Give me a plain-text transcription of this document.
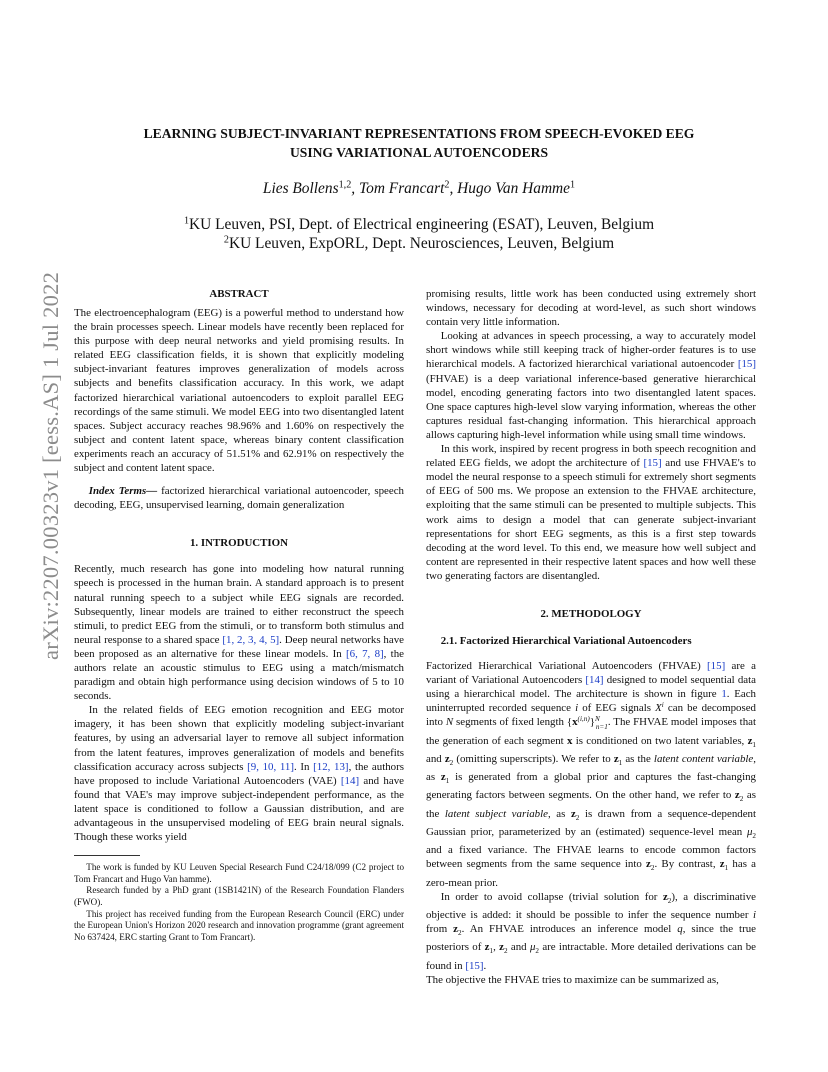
arXiv:2207.00323v1 [eess.AS] 1 Jul 2022
LEARNING SUBJECT-INVARIANT REPRESENTATIONS FROM SPEECH-EVOKED EEG
USING VARIATIONAL AUTOENCODERS
Lies Bollens$^{1,2}$, Tom Francart$^2$, Hugo Van Hamme$^1$
$^1$KU Leuven, PSI, Dept. of Electrical engineering (ESAT), Leuven, Belgium
$^2$KU Leuven, ExpORL, Dept. Neurosciences, Leuven, Belgium
ABSTRACT

The electroencephalogram (EEG) is a powerful method to understand how the brain processes speech. Linear models have recently been replaced for this purpose with deep neural networks and yield promising results. In related EEG classification fields, it is shown that explicitly modeling subject-invariant features improves generalization of models across subjects and benefits classification accuracy. In this work, we adapt factorized hierarchical variational autoencoders to exploit parallel EEG recordings of the same stimuli. We model EEG into two disentangled latent spaces. Subject accuracy reaches 98.96% and 1.60% on respectively the subject and content latent space, whereas binary content classification experiments reach an accuracy of 51.51% and 62.91% on respectively the subject and content latent space.

Index Terms— factorized hierarchical variational autoencoder, speech decoding, EEG, unsupervised learning, domain generalization

1. INTRODUCTION

Recently, much research has gone into modeling how natural running speech is processed in the human brain. A standard approach is to present natural running speech to a subject while EEG signals are recorded. Subsequently, linear models are trained to either reconstruct the speech stimuli, to predict EEG from the stimuli, or to transform both stimulus and neural response to a shared space [1, 2, 3, 4, 5]. Deep neural networks have been proposed as an alternative for these linear models. In [6, 7, 8], the authors relate an acoustic stimulus to EEG using a match/mismatch paradigm and obtain high performance using decision windows of 5 to 10 seconds.

In the related fields of EEG emotion recognition and EEG motor imagery, it has been shown that explicitly modeling subject-invariant features, by using an adversarial layer to remove all subject information from the latent features, improves generalization of models and benefits classification accuracy across subjects [9, 10, 11]. In [12, 13], the authors have proposed to include Variational Autoencoders (VAE) [14] and have found that VAE's may improve subject-independent performance, as the latent space is conditioned to follow a Gaussian distribution, and are advantageous in the unsupervised modeling of EEG brain neural signals. Though these works yield

The work is funded by KU Leuven Special Research Fund C24/18/099 (C2 project to Tom Francart and Hugo Van hamme).

Research funded by a PhD grant (1SB1421N) of the Research Foundation Flanders (FWO).

This project has received funding from the European Research Council (ERC) under the European Union's Horizon 2020 research and innovation programme (grant agreement No 637424, ERC starting Grant to Tom Francart).

promising results, little work has been conducted using extremely short windows, necessary for decoding at word-level, as such short windows contain very little information.

Looking at advances in speech processing, a way to accurately model short windows while still keeping track of higher-order features is to use hierarchical models. A factorized hierarchical variational autoencoder [15] (FHVAE) is a deep variational inference-based generative hierarchical model, encoding generating factors into two disentangled latent spaces. One space captures high-level slow varying information, whereas the other captures residual fast-changing information. This hierarchical approach allows capturing high-level information while using small time windows.

In this work, inspired by recent progress in both speech recognition and related EEG fields, we adopt the architecture of [15] and use FHVAE's to model the neural response to a speech stimuli for extremely short segments of EEG of 500 ms. We propose an extension to the FHVAE architecture, exploiting that the same stimuli can be presented to multiple subjects. This work aims to design a model that can generate subject-invariant representations for short EEG segments, as this is a first step towards decoding at the word level. To this end, we measure how well subject and content are represented in their respective latent spaces and how well these two generating factors are disentangled.

2. METHODOLOGY

2.1. Factorized Hierarchical Variational Autoencoders

Factorized Hierarchical Variational Autoencoders (FHVAE) [15] are a variant of Variational Autoencoders [14] designed to model sequential data using a hierarchical model. The architecture is shown in figure 1. Each uninterrupted recorded sequence i of EEG signals $X^i$ can be decomposed into N segments of fixed length $\{x^{(i,n)}\}^N_{n=1}$. The FHVAE model imposes that the generation of each segment x is conditioned on two latent variables, $z_1$ and $z_2$ (omitting superscripts). We refer to $z_1$ as the latent content variable, as $z_1$ is generated from a global prior and captures the fast-changing generating factors between segments. On the other hand, we refer to $z_2$ as the latent subject variable, as $z_2$ is drawn from a sequence-dependent Gaussian prior, parameterized by an (estimated) sequence-level mean $\mu_2$ and a fixed variance. The FHVAE learns to encode common factors between segments from the same sequence into $z_2$. By contrast, $z_1$ has a zero-mean prior.

In order to avoid collapse (trivial solution for $z_2$), a discriminative objective is added: it should be possible to infer the sequence number i from $z_2$. An FHVAE introduces an inference model q, since the true posteriors of $z_1$, $z_2$ and $\mu_2$ are intractable. More detailed derivations can be found in [15].

The objective the FHVAE tries to maximize can be summarized as,
